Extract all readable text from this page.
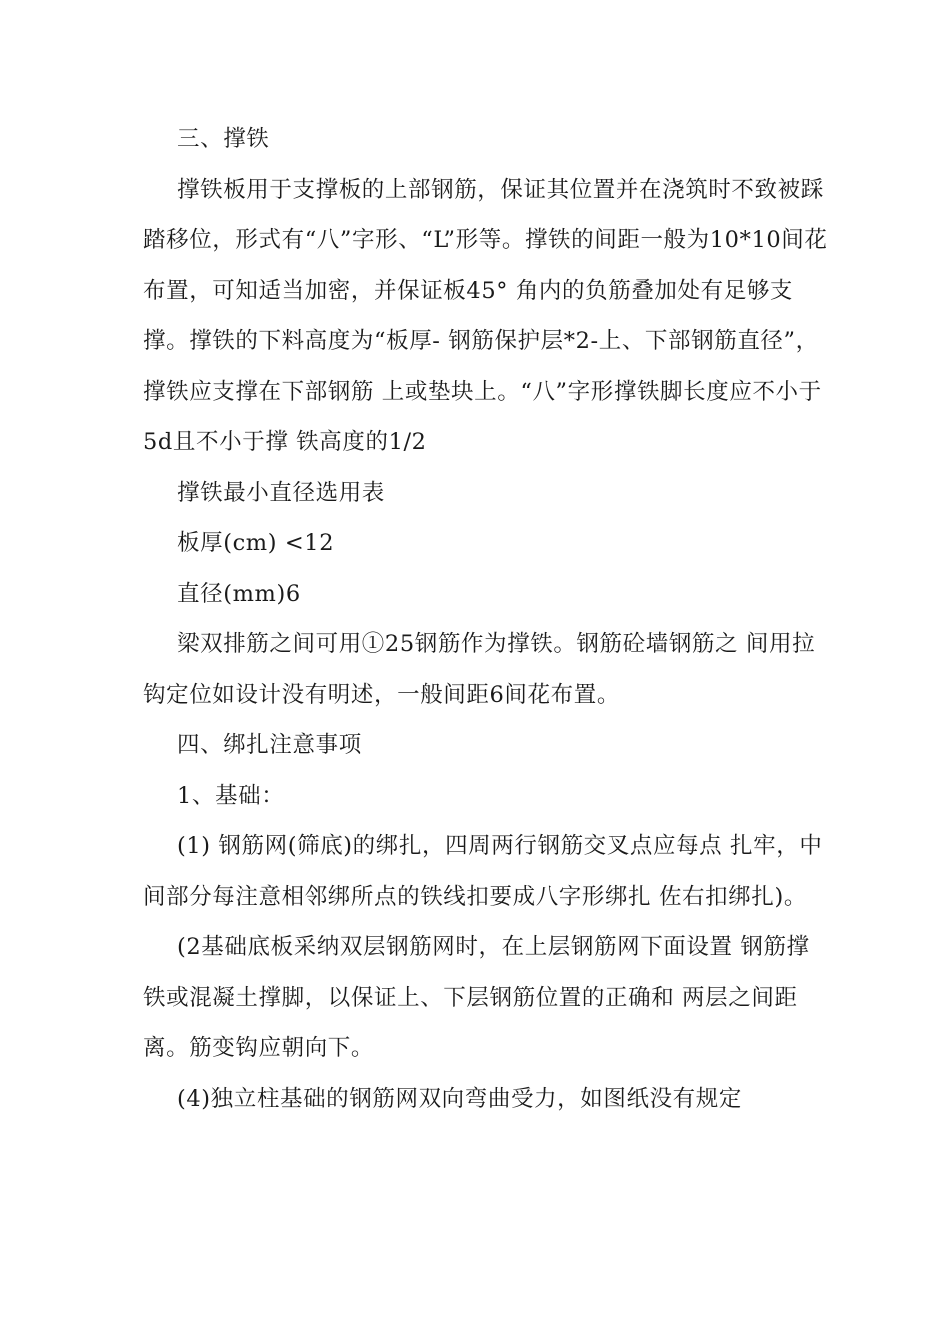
三、撑铁

撑铁板用于支撑板的上部钢筋，保证其位置并在浇筑时不致被踩踏移位，形式有“八”字形、“L”形等。撑铁的间距一般为10*10间花布置，可知适当加密，并保证板45° 角内的负筋叠加处有足够支撑。撑铁的下料高度为“板厚- 钢筋保护层*2-上、下部钢筋直径”，撑铁应支撑在下部钢筋 上或垫块上。“八”字形撑铁脚长度应不小于5d且不小于撑 铁高度的1/2

撑铁最小直径选用表

板厚(cm) <12

直径(mm)6

梁双排筋之间可用①25钢筋作为撑铁。钢筋砼墙钢筋之 间用拉钩定位如设计没有明述，一般间距6间花布置。

四、绑扎注意事项

1、基础：

(1) 钢筋网(筛底)的绑扎，四周两行钢筋交叉点应每点 扎牢，中间部分每注意相邻绑所点的铁线扣要成八字形绑扎 佐右扣绑扎)。

(2基础底板采纳双层钢筋网时，在上层钢筋网下面设置 钢筋撑铁或混凝土撑脚，以保证上、下层钢筋位置的正确和 两层之间距离。筋变钩应朝向下。

(4)独立柱基础的钢筋网双向弯曲受力，如图纸没有规定
